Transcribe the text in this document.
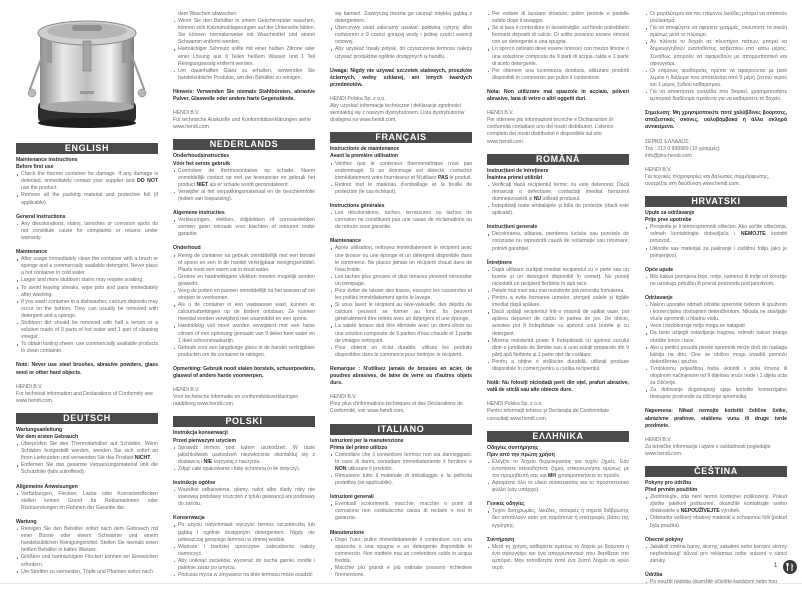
ENGLISH
Maintenance instructions
Before first use
Check the thermo container for damage. If any damage is detected, immediately contact your supplier and DO NOT use the product.
Remove all the packing material and protective foil (if applicable).
General instructions
Any discolorations, stains, tarnishes or corrosion spots do not constitute cause for complaints or returns under warranty.
Maintenance
After usage immediately clean the container with a brush or sponge and a commercially available detergent. Never place a hot container in cold water.
Larger and more stubborn stains may require soaking.
To avoid leaving streaks, wipe pots and pans immediately after washing.
If you wash container in a dishwasher, calcium deposits may occur on the bottom. They can usually be removed with detergent and a sponge.
Stubborn dirt should be removed with half a lemon or a solution made of 9 parts of hot water and 1 part of cleaning vinegar.
To obtain lasting sheen, use commercially available products to clean container.
Note: Never use steel brushes, abrasive powders, glass wool or other hard objects.
HENDI B.V.
For technical information and Declarations of Conformity see www.hendi.com.
DEUTSCH
Wartungsanleitung
Vor dem ersten Gebrauch
Überprüfen Sie den Thermobehälter auf Schäden. Wenn Schäden festgestellt werden, wenden Sie sich sofort an Ihren Lieferanten und verwenden Sie das Produkt NICHT.
Entfernen Sie das gesamte Verpackungsmaterial und die Schutzfolie (falls zutreffend).
Allgemeine Anweisungen
Verfärbungen, Flecken, Lacke oder Korrosionsflecken stellen keinen Grund für Reklamationen oder Rücksendungen im Rahmen der Garantie dar.
Wartung
Reinigen Sie den Behälter sofort nach dem Gebrauch mit einer Bürste oder einem Schwamm und einem handelsüblichen Reinigungsmittel. Stellen Sie niemals einen heißen Behälter in kaltes Wasser.
Größere und hartnäckigere Flecken können ein Einweichen erfordern.
Um Streifen zu vermeiden, Töpfe und Pfannen sofort nach
dem Waschen abwischen.
Wenn Sie den Behälter in einem Geschirrspüler waschen, können sich Kalziumablagerungen auf der Unterseite bilden. Sie können normalerweise mit Waschmittel und einem Schwamm entfernt werden.
Hartnäckiger Schmutz sollte mit einer halben Zitrone oder einer Lösung aus 9 Teilen heißem Wasser und 1 Teil Reinigungsessig entfernt werden.
Um dauerhaften Glanz zu erhalten, verwenden Sie handelsübliche Produkte, um den Behälter zu reinigen.
Hinweis: Verwenden Sie niemals Stahlbürsten, abrasive Pulver, Glaswolle oder andere harte Gegenstände.
HENDI B.V.
Für technische Auskünfte und Konformitätserklärungen siehe www.hendi.com.
NEDERLANDS
Onderhoudsinstructies
Vóór het eerste gebruik
Controleer de thermocontainer op schade. Neem onmiddellijk contact op met uw leverancier en gebruik het product NIET als er schade wordt geconstateerd.
Verwijder al het verpakkingsmateriaal en de beschermfolie (indien van toepassing).
Algemene instructies
Verkleuringen, vlekken, slijtplekken of corrosievlekken vormen geen oorzaak voor klachten of retouren onder garantie.
Onderhoud
Reinig de container na gebruik onmiddellijk met een borstel of spons en een in de handel verkrijgbaar reinigingsmiddel. Plaats nooit een warm vat in koud water.
Grotere en hardnekkigere vlekken moeten mogelijk worden geweekt.
Veeg de potten en pannen onmiddellijk na het wassen af om strepen te voorkomen.
Als u de container in een vaatwasser wast, kunnen er calciumafzettingen op de bodem ontstaan. Ze kunnen meestal worden verwijderd met wasmiddel en een spons.
Hardnekkig vuil moet worden verwijderd met een halve citroen of een oplossing gemaakt van 9 delen heet water en 1 deel schoonmaakazijn.
Gebruik voor een langdurige glans in de handel verkrijgbare producten om de container te reinigen.
Opmerking: Gebruik nooit stalen borstels, schuurpoeders, glaswol of andere harde voorwerpen.
HENDI B.V.
Voor technische informatie en conformiteitsverklaringen raadpleeg www.hendi.com.
POLSKI
Instrukcja konserwacji
Przed pierwszym użyciem
Sprawdź termos pod kątem uszkodzeń. W razie jakichkolwiek uszkodzeń niezwłocznie skontaktuj się z dostawcą i NIE korzystaj z naczynia.
Zdjąć całe opakowanie i folię ochronną (o ile dotyczy).
Instrukcje ogólne
Wszelkie odbarwienia, plamy, nalot albo ślady rdzy nie stanowią podstawy roszczeń z tytułu gwarancji ani podstawy do zwrotu.
Konserwacja
Po użyciu natychmiast wyczyść termos szczoteczką lub gąbką i ogólnie dostępnym detergentem. Nigdy nie umieszczaj gorącego termosu w zimnej wodzie.
Większe i bardziej uporczywe zabrudzenia należy namoczyć.
Aby uniknąć zacieków, wycierać do sucha garnki, rondle i patelnie zaraz po umyciu.
Podczas mycia w zmywarce na dnie termosu może osadzić
się kamień. Zazwyczaj można go usunąć miękką gąbką z detergentem.
Uporczywy osad zalecamy usuwać połówką cytryny albo roztworem z 9 części gorącej wody i jednej części esencji octowej.
Aby uzyskać trwały połysk, do czyszczenia termosu należy używać produktów ogólnie dostępnych w handlu.
Uwaga: Nigdy nie używać szczotek stalowych, proszków ściernych, wełny szklanej, ani innych twardych przedmiotów.
HENDI Polska Sp. z o.o.
Aby uzyskać informacje techniczne i deklaracje zgodności skontaktuj się z naszym dystrybutorem. Lista dystrybutorów dostępna na www.hendi.com.
FRANÇAIS
Instructions de maintenance
Avant la première utilisation
Vérifiez que le conteneur thermométrique n'est pas endommagé. Si un dommage est détecté, contactez immédiatement votre fournisseur et N'utilisez PAS le produit.
Retirez tout le matériau d'emballage et la feuille de protection (le cas échéant).
Instructions générales
Les décolorations, taches, ternissures ou taches de corrosion ne constituent pas une cause de réclamations ou de retours sous garantie.
Maintenance
Après utilisation, nettoyez immédiatement le récipient avec une brosse ou une éponge et un détergent disponible dans le commerce. Ne placez jamais un récipient chaud dans de l'eau froide.
Les taches plus grosses et plus tenaces peuvent nécessiter un trempage.
Pour éviter de laisser des traces, essuyez les casseroles et les poêles immédiatement après le lavage.
Si vous lavez le récipient au lave-vaisselle, des dépôts de calcium peuvent se former au fond. Ils peuvent généralement être retirés avec un détergent et une éponge.
La saleté tenace doit être éliminée avec un demi-citron ou une solution composée de 9 parties d'eau chaude et 1 partie de vinaigre nettoyant.
Pour obtenir un éclat durable, utilisez les produits disponibles dans le commerce pour nettoyer le récipient.
Remarque : N'utilisez jamais de brosses en acier, de poudres abrasives, de laine de verre ou d'autres objets durs.
HENDI B.V.
Pour plus d'informations techniques et des Déclarations de Conformité, voir www.hendi.com.
ITALIANO
Istruzioni per la manutenzione
Prima del primo utilizzo
Controllare che il contenitore termico non sia danneggiato. In caso di danni, contattare immediatamente il fornitore e NON utilizzare il prodotto.
Rimuovere tutto il materiale di imballaggio e la pellicola protettiva (se applicabile).
Istruzioni generali
Eventuali scolorimenti, macchie, macchie o punti di corrosione non costituiscono causa di reclami o resi in garanzia.
Manutenzione
Dopo l'uso, pulire immediatamente il contenitore con una spazzola o una spugna e un detergente disponibile in commercio. Non mettere mai un contenitore caldo in acqua fredda.
Macchie più grandi e più ostinate possono richiedere l'immersione.
Per evitare di lasciare striature, pulire pentole e padelle subito dopo il lavaggio.
Se si lava il contenitore in lavastoviglie, sul fondo potrebbero formarsi depositi di calcio. Di solito possono essere rimossi con un detergente e una spugna.
Lo sporco ostinato deve essere rimosso con mezzo limone o una soluzione composta da 9 parti di acqua calda e 1 parte di aceto detergente.
Per ottenere una lucentezza duratura, utilizzare prodotti disponibili in commercio per pulire il contenitore.
Nota: Non utilizzare mai spazzole in acciaio, polveri abrasive, lana di vetro o altri oggetti duri.
HENDI B.V.
Per ottenere più informazioni tecniche e Dichiarazioni di conformità contattare uno dei nostri distributori. L'elenco completo dei nostri distributori è disponibile sul sito www.hendi.com.
ROMÂNĂ
Instrucțiuni de întreținere
Înaintea primei utilizări
Verificați dacă recipientul termic nu este deteriorat. Dacă remarcați o defecțiune, contactați imediat furnizorul dumneavoastră și NU utilizați produsul.
Îndepărtați toate ambalajele și folia de protecție (dacă este aplicabil).
Instrucțiuni generale
Decolorarea, pătarea, pierderea luciului sau punctele de coroziune nu reprezintă cauză de reclamație sau returnare, potrivit garanției.
Întreținere
După utilizare curățați imediat recipientul cu o perie sau un burete și un detergent disponibil în comerț. Nu puneți niciodată un recipient fierbinte în apă rece.
Petele mai mari sau mai rezistente pot necesita înmuierea.
Pentru a evita formarea urmelor, ștergeți oalele și tigăile imediat după spălare.
Dacă spălați recipientul într-o mașină de spălat vase, pot apărea depuneri de calciu în partea de jos. De obicei, acestea pot fi îndepărtate cu ajutorul unui burete și cu detergent.
Mizeria rezistentă poate fi îndepărtată cu ajutorul sucului dintr-o jumătate de lămâie sau a unei soluții preparate din 9 părți apă fierbinte și 1 parte oțet de curățare.
Pentru a obține o strălucire durabilă, utilizați produse disponibile în comerț pentru a curăța recipientul.
Notă: Nu folosiți niciodată perii din oțel, prafuri abrazive, vată de sticlă sau alte obiecte dure.
HENDI Polska Sp. z o.o.
Pentru informații tehnice și Declarația de Conformitate consultați www.hendi.com.
ΕΛΛΗΝΙΚΑ
Οδηγίες συντήρησης
Πριν από την πρώτη χρήση
Ελέγξτε το δοχείο θερμοκρασίας για τυχόν ζημιές. Εάν εντοπίσετε οποιαδήποτε ζημιά, επικοινωνήστε αμέσως με τον προμηθευτή σας και ΜΗ χρησιμοποιήσετε το προϊόν.
Αφαιρέστε όλο το υλικό συσκευασίας και το προστατευτικό φύλλο (εάν υπάρχει).
Γενικές οδηγίες
Τυχόν δυσχρωμίες, λεκέδες, σκουριές ή σημεία διάβρωσης δεν αποτελούν αιτία για παράπονα ή επιστροφές βάσει της εγγύησης.
Συντήρηση
Μετά τη χρήση, καθαρίστε αμέσως το δοχείο με βούρτσα ή ένα σφουγγάρι και ένα απορρυπαντικό που διατίθεται στο εμπόριο. Μην τοποθετείτε ποτέ ένα ζεστό δοχείο σε κρύο νερό.
Οι μεγαλύτεροι και πιο επίμονοι λεκέδες μπορεί να απαιτούν μούλιασμα.
Για να αποφύγετε να αφήσετε γραμμές, σκουπίστε τα σκεύη αμέσως μετά το πλύσιμο.
Αν πλένετε το δοχείο σε πλυντήριο πιάτων, μπορεί να δημιουργηθούν εναποθέσεις ασβεστίου στο κάτω μέρος. Συνήθως μπορούν να αφαιρεθούν με απορρυπαντικό και σφουγγάρι.
Οι επίμονες ακαθαρσίες πρέπει να αφαιρούνται με μισό λεμόνι ή διάλυμα που αποτελείται από 9 μέρη ζεστού νερού και 1 μέρος ξυδιού καθαρισμού.
Για να αποκτήσετε γυαλάδα που διαρκεί, χρησιμοποιήστε εμπορικά διαθέσιμα προϊόντα για να καθαρίσετε το δοχείο.
Σημείωση: Μη χρησιμοποιείτε ποτέ χαλύβδινες βούρτσες, αποξεστικές σκόνες, υαλοβάμβακα ή άλλα σκληρά αντικείμενα.
ΣΕΡΒΙΣ ΕΛΛΑΔΟΣ:
Τηλ.: 213 0 998989 (10 γραμμές)
info@pks-hendi.com
HENDI B.V.
Για τεχνικές πληροφορίες και Δηλώσεις συμμόρφωσης, ανατρέξτε στη διεύθυνση www.hendi.com.
HRVATSKI
Upute za održavanje
Prije prve upotrebe
Provjerite je li termospremnik oštećen. Ako uočite oštećenja, odmah kontaktirajte dobavljača i NEMOJTE koristiti proizvod.
Uklonite sav materijal za pakiranje i zaštitnu foliju (ako je primjenjivo).
Opće upute
Bilo kakva promjena boje, mrlje, kamenci ili mrlje od korozije ne uzrokuju pritužbu ili povrat proizvoda pod jamstvom.
Održavanje
Nakon uporabe odmah očistite spremnik četkom ili spužvom i komercijalno dostupnim deterdžentom. Nikada ne stavljajte vruće spremnik u hladnu vodu.
Veće i tvrdokornije mrlje mogu se natapati.
Da biste izbjegli ostavljanje tragova, odmah nakon pranja obrišite lonce i tave.
Ako u perilici posuđa perete spremnik može doći do naslaga kalcija na dnu. One se obično mogu izvaditi pomoću deterdženta i spužve.
Tvrdokornu prljavštinu treba ukloniti s pola limuna ili otopinom načinjenom od 9 dijelova vruće vode i 1 dijela octa za čišćenje.
Za dobivanje dugotrajnog sjaja koristite komercijalno dostupne proizvode za čišćenje spremnika.
Napomena: Nikad nemojte koristiti čelične četke, abrazivne prahove, staklenu vunu ili druge tvrde predmete.
HENDI B.V.
Za tehničke informacije i izjave o sukladnosti pogledajte www.hendi.com.
ČEŠTINA
Pokyny pro údržbu
Před prvním použitím
Zkontrolujte, zda není termo kontejner poškozený. Pokud zjistíte jakékoli poškození, okamžitě kontaktujte svého dodavatele a NEPOUŽÍVEJTE výrobek.
Odstraňte veškerý obalový materiál a ochrannou fólii (pokud byla použita).
Obecné pokyny
Jakákoli změna barvy, skvrny, zakalení nebo korozní skvrny nepředstavují důvod pro reklamaci nebo vrácení v rámci záruky.
Údržba
1
